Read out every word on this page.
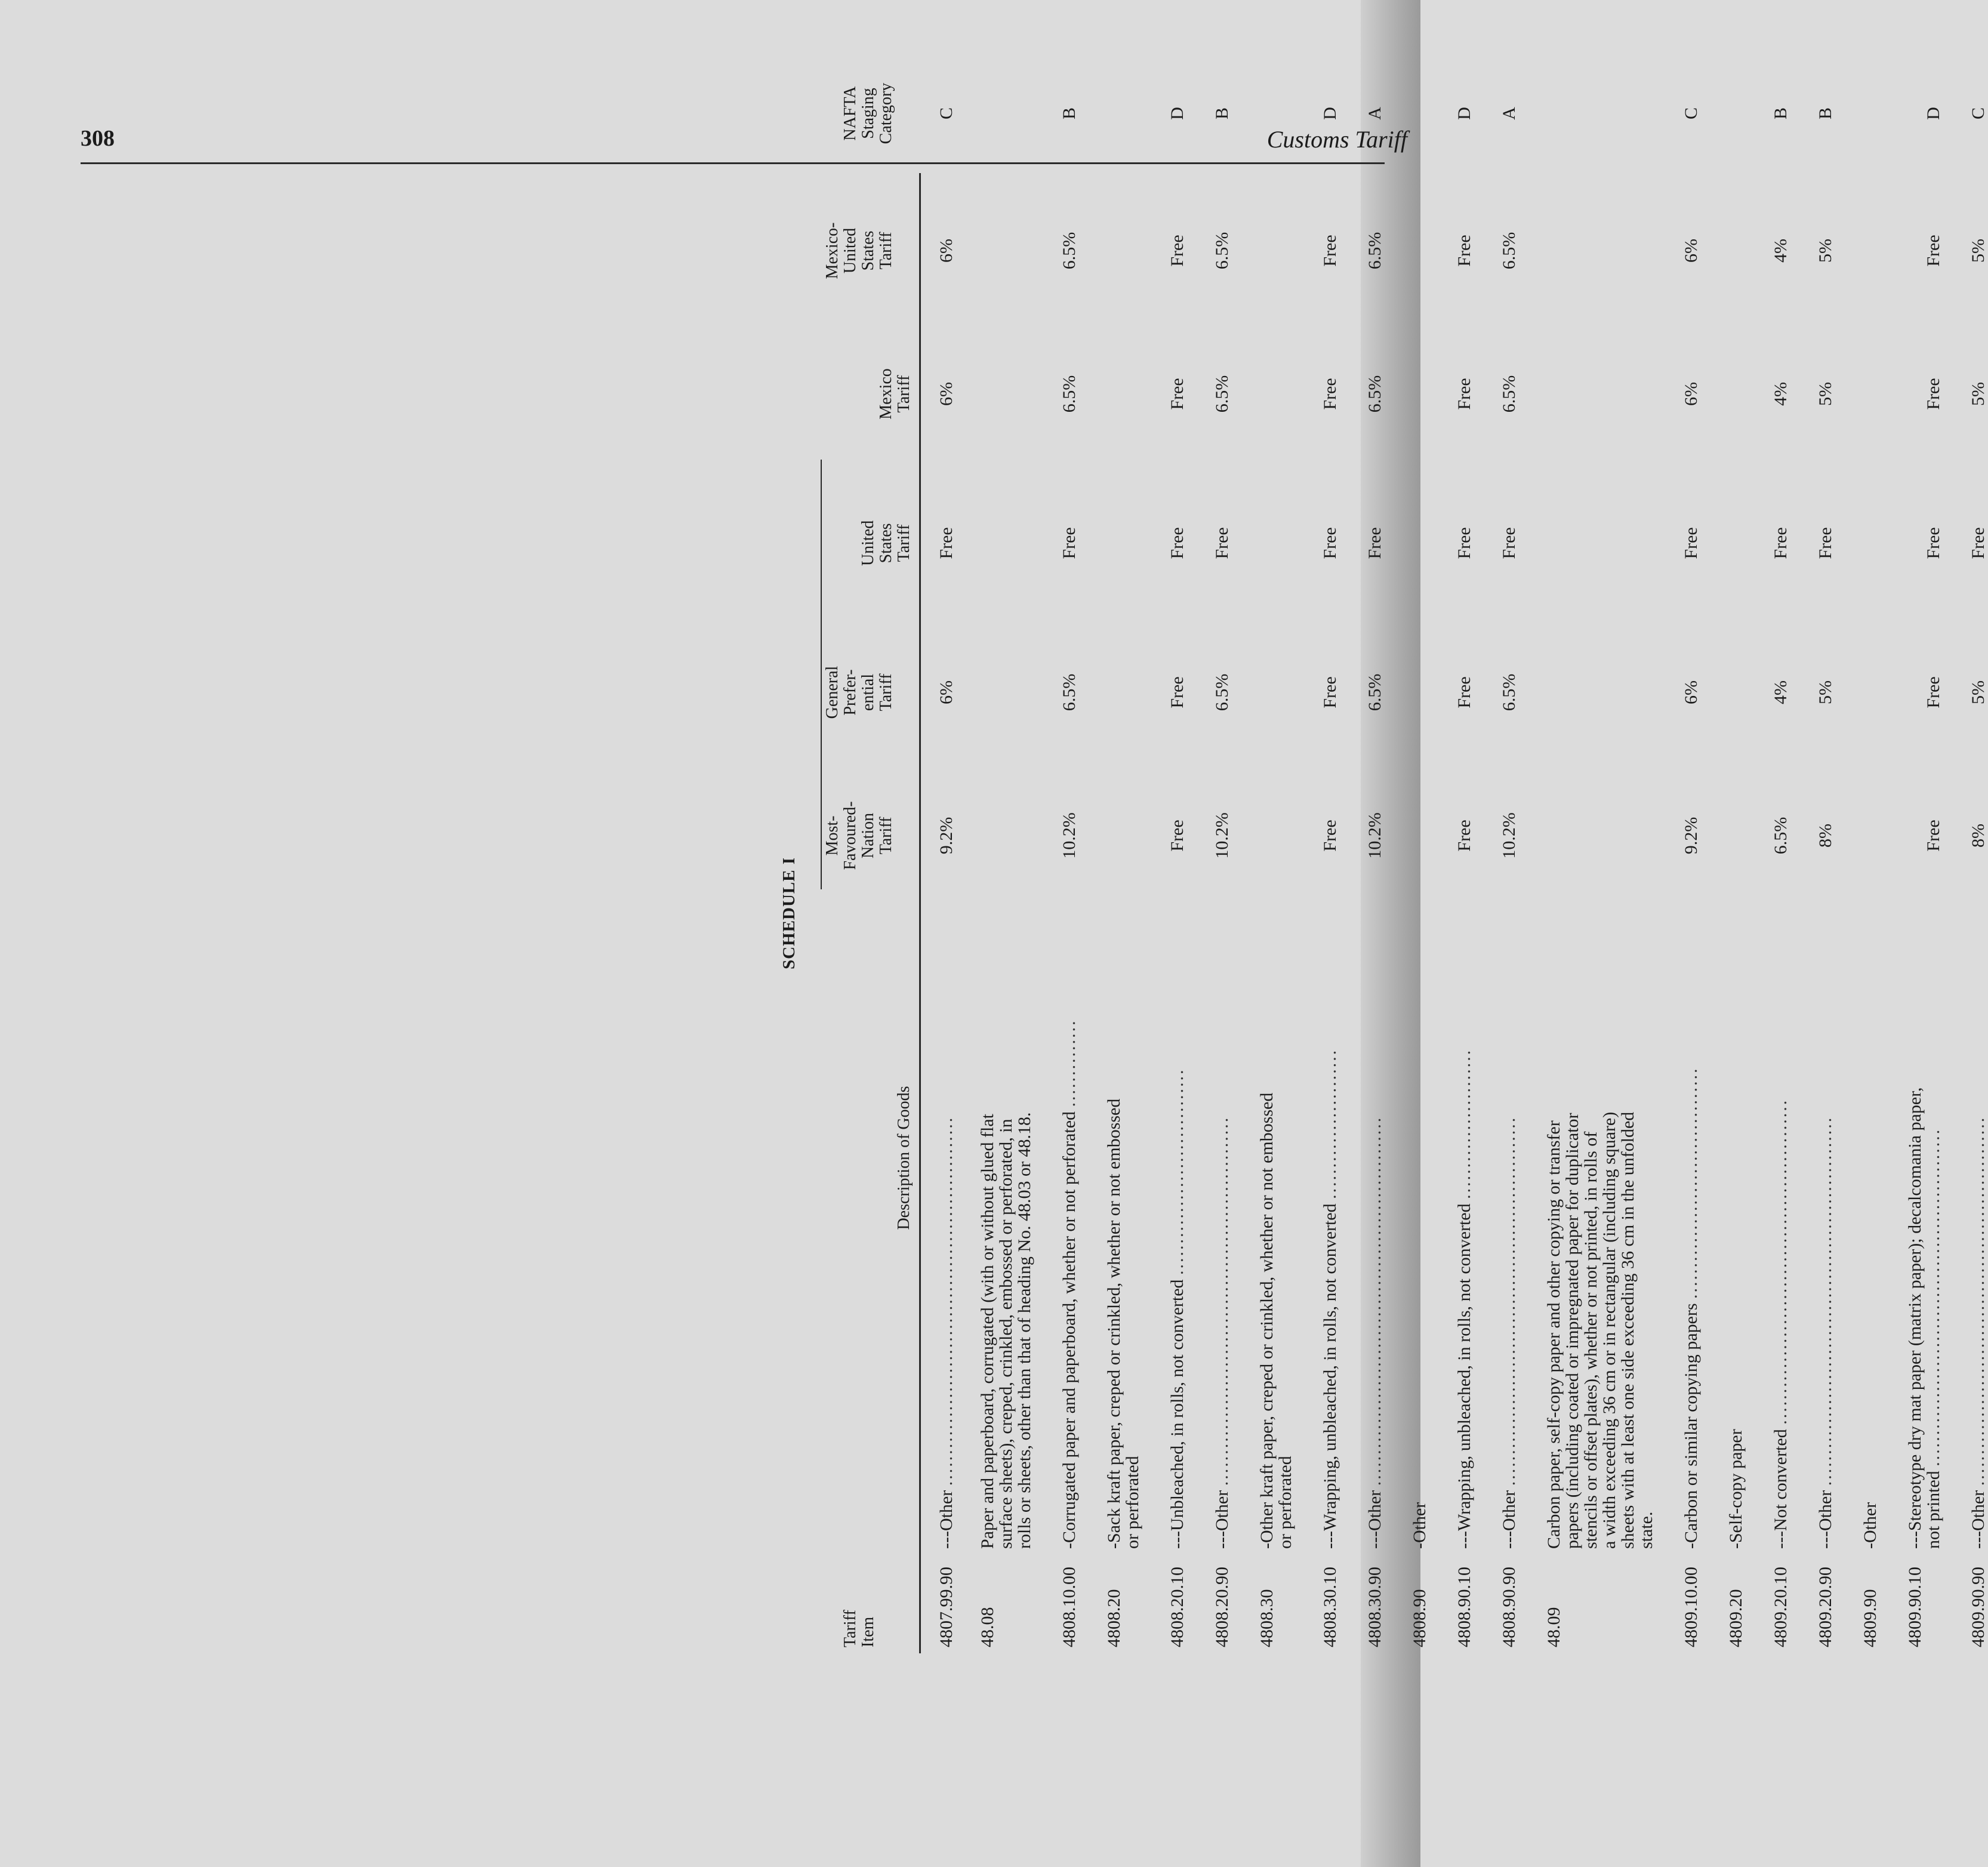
308	Customs Tariff
SCHEDULE I
Tariff
Item
Description of Goods
Most-
Favoured-
Nation
Tariff
General
Prefer-
ential
Tariff
United
States
Tariff
Mexico
Tariff
Mexico-
United
States
Tariff
NAFTA
Staging
Category
4807.99.90
---Other ...........................................................
9.2%
6%
Free
6%
6%
C
48.08
Paper and paperboard, corrugated (with or without glued flat
surface sheets), creped, crinkled, embossed or perforated, in
rolls or sheets, other than that of heading No. 48.03 or 48.18.
4808.10.00
-Corrugated paper and paperboard, whether or not perforated ..............
10.2%
6.5%
Free
6.5%
6.5%
B
4808.20
-Sack kraft paper, creped or crinkled, whether or not embossed
or perforated
4808.20.10
---Unbleached, in rolls, not converted .................................
Free
Free
Free
Free
Free
D
4808.20.90
---Other ...........................................................
10.2%
6.5%
Free
6.5%
6.5%
B
4808.30
-Other kraft paper, creped or crinkled, whether or not embossed
or perforated
4808.30.10
---Wrapping, unbleached, in rolls, not converted ........................
Free
Free
Free
Free
Free
D
4808.30.90
---Other ...........................................................
10.2%
6.5%
Free
6.5%
6.5%
A
4808.90
-Other
4808.90.10
---Wrapping, unbleached, in rolls, not converted ........................
Free
Free
Free
Free
Free
D
4808.90.90
---Other ...........................................................
10.2%
6.5%
Free
6.5%
6.5%
A
48.09
Carbon paper, self-copy paper and other copying or transfer
papers (including coated or impregnated paper for duplicator
stencils or offset plates), whether or not printed, in rolls of
a width exceeding 36 cm or in rectangular (including square)
sheets with at least one side exceeding 36 cm in the unfolded
state.
4809.10.00
-Carbon or similar copying papers .....................................
9.2%
6%
Free
6%
6%
C
4809.20
-Self-copy paper
4809.20.10
---Not converted ....................................................
6.5%
4%
Free
4%
4%
B
4809.20.90
---Other ...........................................................
8%
5%
Free
5%
5%
B
4809.90
-Other
4809.90.10
---Stereotype dry mat paper (matrix paper); decalcomania paper,
not printed ......................................................
Free
Free
Free
Free
Free
D
4809.90.90
---Other ...........................................................
8%
5%
Free
5%
5%
C
